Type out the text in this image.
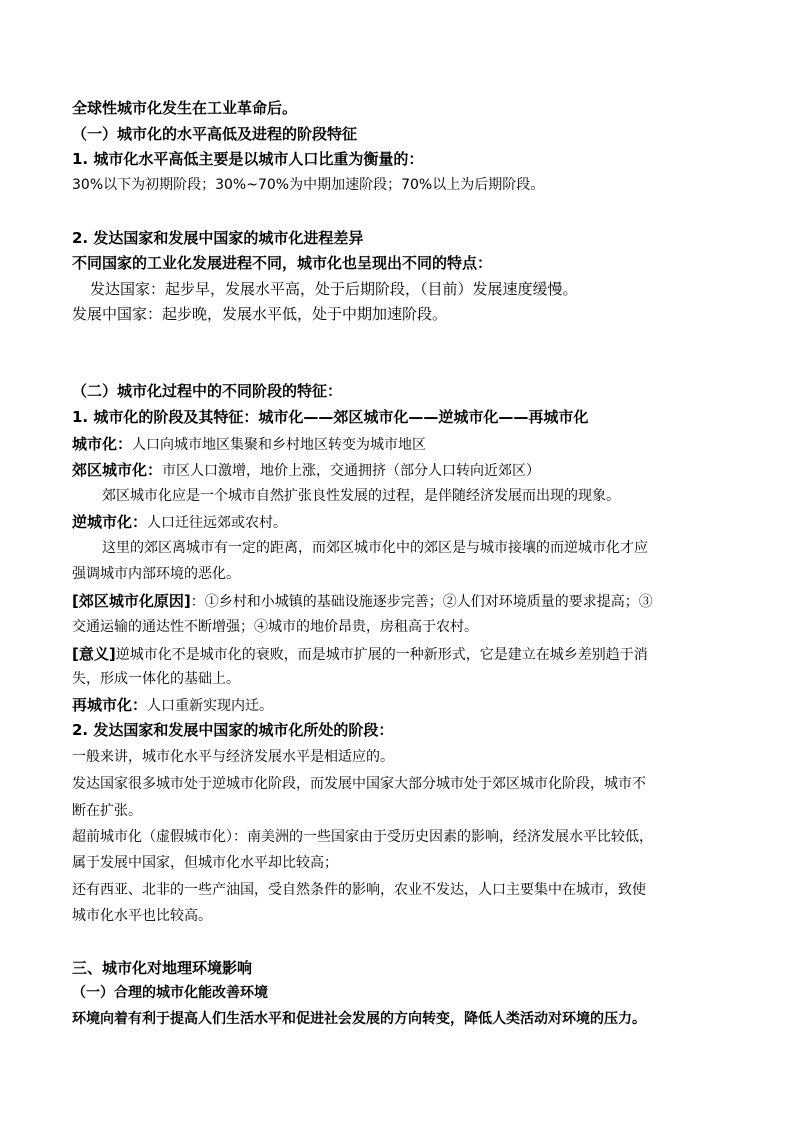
全球性城市化发生在工业革命后。
（一）城市化的水平高低及进程的阶段特征
1. 城市化水平高低主要是以城市人口比重为衡量的：
30%以下为初期阶段；30%~70%为中期加速阶段；70%以上为后期阶段。
2. 发达国家和发展中国家的城市化进程差异
不同国家的工业化发展进程不同，城市化也呈现出不同的特点：
发达国家：起步早，发展水平高，处于后期阶段，（目前）发展速度缓慢。
发展中国家：起步晚，发展水平低，处于中期加速阶段。
（二）城市化过程中的不同阶段的特征：
1. 城市化的阶段及其特征：城市化——郊区城市化——逆城市化——再城市化
城市化：人口向城市地区集聚和乡村地区转变为城市地区
郊区城市化：市区人口激增，地价上涨，交通拥挤（部分人口转向近郊区）
郊区城市化应是一个城市自然扩张良性发展的过程，是伴随经济发展而出现的现象。
逆城市化：人口迁往远郊或农村。
这里的郊区离城市有一定的距离，而郊区城市化中的郊区是与城市接壤的而逆城市化才应
强调城市内部环境的恶化。
[郊区城市化原因]：①乡村和小城镇的基础设施逐步完善；②人们对环境质量的要求提高；③
交通运输的通达性不断增强；④城市的地价昂贵，房租高于农村。
[意义]逆城市化不是城市化的衰败，而是城市扩展的一种新形式，它是建立在城乡差别趋于消
失，形成一体化的基础上。
再城市化：人口重新实现内迁。
2. 发达国家和发展中国家的城市化所处的阶段：
一般来讲，城市化水平与经济发展水平是相适应的。
发达国家很多城市处于逆城市化阶段，而发展中国家大部分城市处于郊区城市化阶段，城市不
断在扩张。
超前城市化（虚假城市化）：南美洲的一些国家由于受历史因素的影响，经济发展水平比较低，
属于发展中国家，但城市化水平却比较高；
还有西亚、北非的一些产油国，受自然条件的影响，农业不发达，人口主要集中在城市，致使
城市化水平也比较高。
三、城市化对地理环境影响
（一）合理的城市化能改善环境
环境向着有利于提高人们生活水平和促进社会发展的方向转变，降低人类活动对环境的压力。
